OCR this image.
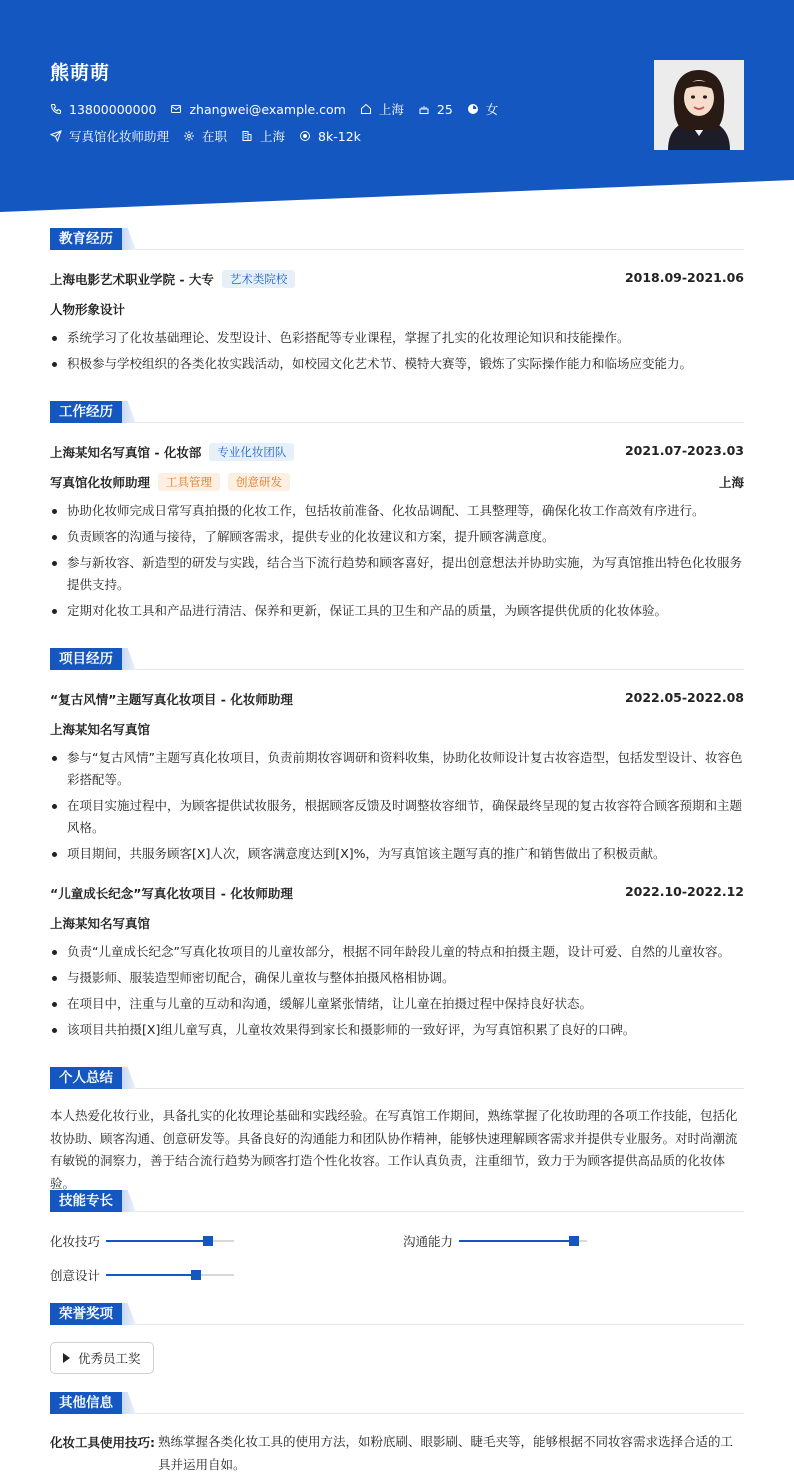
熊萌萌
13800000000	zhangwei@example.com	上海	25	女
写真馆化妆师助理	在职	上海	8k-12k
教育经历
上海电影艺术职业学院 - 大专	艺术类院校	2018.09-2021.06
人物形象设计
系统学习了化妆基础理论、发型设计、色彩搭配等专业课程，掌握了扎实的化妆理论知识和技能操作。
积极参与学校组织的各类化妆实践活动，如校园文化艺术节、模特大赛等，锻炼了实际操作能力和临场应变能力。
工作经历
上海某知名写真馆 - 化妆部	专业化妆团队	2021.07-2023.03
写真馆化妆师助理	工具管理	创意研发	上海
协助化妆师完成日常写真拍摄的化妆工作，包括妆前准备、化妆品调配、工具整理等，确保化妆工作高效有序进行。
负责顾客的沟通与接待，了解顾客需求，提供专业的化妆建议和方案，提升顾客满意度。
参与新妆容、新造型的研发与实践，结合当下流行趋势和顾客喜好，提出创意想法并协助实施，为写真馆推出特色化妆服务提供支持。
定期对化妆工具和产品进行清洁、保养和更新，保证工具的卫生和产品的质量，为顾客提供优质的化妆体验。
项目经历
“复古风情”主题写真化妆项目 - 化妆师助理	2022.05-2022.08
上海某知名写真馆
参与“复古风情”主题写真化妆项目，负责前期妆容调研和资料收集，协助化妆师设计复古妆容造型，包括发型设计、妆容色彩搭配等。
在项目实施过程中，为顾客提供试妆服务，根据顾客反馈及时调整妆容细节，确保最终呈现的复古妆容符合顾客预期和主题风格。
项目期间，共服务顾客[X]人次，顾客满意度达到[X]%，为写真馆该主题写真的推广和销售做出了积极贡献。
“儿童成长纪念”写真化妆项目 - 化妆师助理	2022.10-2022.12
上海某知名写真馆
负责“儿童成长纪念”写真化妆项目的儿童妆部分，根据不同年龄段儿童的特点和拍摄主题，设计可爱、自然的儿童妆容。
与摄影师、服装造型师密切配合，确保儿童妆与整体拍摄风格相协调。
在项目中，注重与儿童的互动和沟通，缓解儿童紧张情绪，让儿童在拍摄过程中保持良好状态。
该项目共拍摄[X]组儿童写真，儿童妆效果得到家长和摄影师的一致好评，为写真馆积累了良好的口碑。
个人总结
本人热爱化妆行业，具备扎实的化妆理论基础和实践经验。在写真馆工作期间，熟练掌握了化妆助理的各项工作技能，包括化妆协助、顾客沟通、创意研发等。具备良好的沟通能力和团队协作精神，能够快速理解顾客需求并提供专业服务。对时尚潮流有敏锐的洞察力，善于结合流行趋势为顾客打造个性化妆容。工作认真负责，注重细节，致力于为顾客提供高品质的化妆体验。
技能专长
化妆技巧	沟通能力
创意设计
荣誉奖项
优秀员工奖
其他信息
化妆工具使用技巧: 熟练掌握各类化妆工具的使用方法，如粉底刷、眼影刷、睫毛夹等，能够根据不同妆容需求选择合适的工具并运用自如。
